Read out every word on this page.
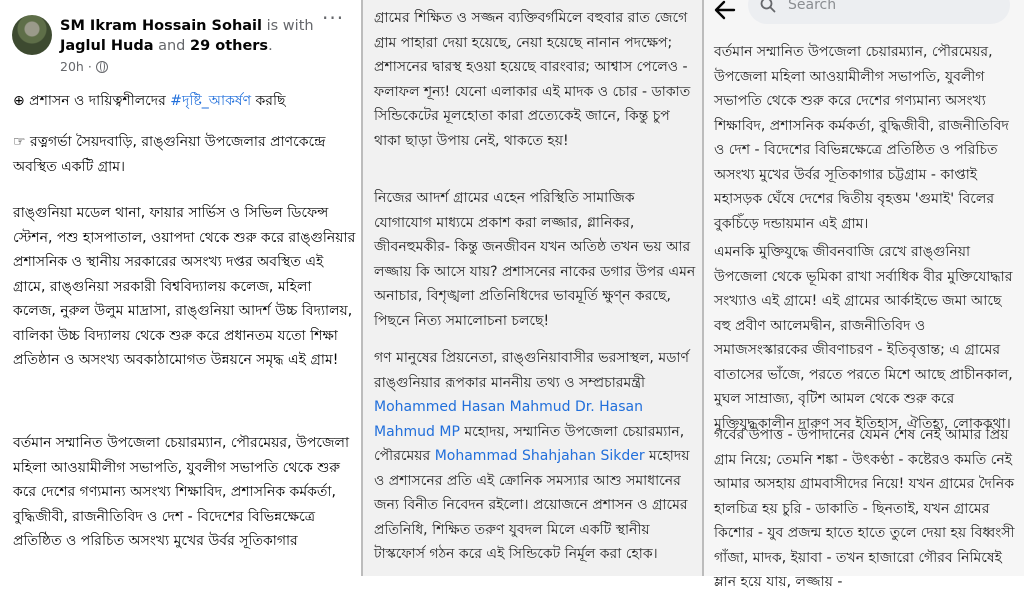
SM Ikram Hossain Sohail is with Jaglul Huda and 29 others.
20h ·
···
⊕ প্রশাসন ও দায়িত্বশীলদের #দৃষ্টি_আকর্ষণ করছি
☞ রত্নগর্ভা সৈয়দবাড়ি, রাঙ্গুনিয়া উপজেলার প্রাণকেন্দ্রে অবস্থিত একটি গ্রাম।
রাঙ্গুনিয়া মডেল থানা, ফায়ার সার্ভিস ও সিভিল ডিফেন্স স্টেশন, পশু হাসপাতাল, ওয়াপদা থেকে শুরু করে রাঙ্গুনিয়ার প্রশাসনিক ও স্থানীয় সরকারের অসংখ্য দপ্তর অবস্থিত এই গ্রামে, রাঙ্গুনিয়া সরকারী বিশ্ববিদ্যালয় কলেজ, মহিলা কলেজ, নুরুল উলুম মাদ্রাসা, রাঙ্গুনিয়া আদর্শ উচ্চ বিদ্যালয়, বালিকা উচ্চ বিদ্যালয় থেকে শুরু করে প্রধানতম যতো শিক্ষা প্রতিষ্ঠান ও অসংখ্য অবকাঠামোগত উন্নয়নে সমৃদ্ধ এই গ্রাম!
বর্তমান সম্মানিত উপজেলা চেয়ারম্যান, পৌরমেয়র, উপজেলা মহিলা আওয়ামীলীগ সভাপতি, যুবলীগ সভাপতি থেকে শুরু করে দেশের গণ্যমান্য অসংখ্য শিক্ষাবিদ, প্রশাসনিক কর্মকর্তা, বুদ্ধিজীবী, রাজনীতিবিদ ও দেশ - বিদেশের বিভিন্নক্ষেত্রে প্রতিষ্ঠিত ও পরিচিত অসংখ্য মুখের উর্বর সূতিকাগার
গ্রামের শিক্ষিত ও সজ্জন ব্যক্তিবর্গমিলে বহুবার রাত জেগে গ্রাম পাহারা দেয়া হয়েছে, নেয়া হয়েছে নানান পদক্ষেপ; প্রশাসনের দ্বারস্থ হওয়া হয়েছে বারংবার; আশ্বাস পেলেও - ফলাফল শূন্য! যেনো এলাকার এই মাদক ও চোর - ডাকাত সিন্ডিকেটের মূলহোতা কারা প্রত্যেকেই জানে, কিন্তু চুপ থাকা ছাড়া উপায় নেই, থাকতে হয়!
নিজের আদর্শ গ্রামের এহেন পরিস্থিতি সামাজিক যোগাযোগ মাধ্যমে প্রকাশ করা লজ্জার, গ্লানিকর, জীবনহুমকীর- কিন্তু জনজীবন যখন অতিষ্ঠ তখন ভয় আর লজ্জায় কি আসে যায়? প্রশাসনের নাকের ডগার উপর এমন অনাচার, বিশৃঙ্খলা প্রতিনিধিদের ভাবমূর্তি ক্ষুণ্ন করছে, পিছনে নিত্য সমালোচনা চলছে!
গণ মানুষের প্রিয়নেতা, রাঙ্গুনিয়াবাসীর ভরসাস্থল, মডার্ণ রাঙ্গুনিয়ার রূপকার মাননীয় তথ্য ও সম্প্রচারমন্ত্রী Mohammed Hasan Mahmud Dr. Hasan Mahmud MP মহোদয়, সম্মানিত উপজেলা চেয়ারম্যান, পৌরমেয়র Mohammad Shahjahan Sikder মহোদয় ও প্রশাসনের প্রতি এই ক্রোনিক সমস্যার আশু সমাধানের জন্য বিনীত নিবেদন রইলো। প্রয়োজনে প্রশাসন ও গ্রামের প্রতিনিধি, শিক্ষিত তরুণ যুবদল মিলে একটি স্থানীয় টাস্কফোর্স গঠন করে এই সিন্ডিকেট নির্মূল করা হোক।
Search
বর্তমান সম্মানিত উপজেলা চেয়ারম্যান, পৌরমেয়র, উপজেলা মহিলা আওয়ামীলীগ সভাপতি, যুবলীগ সভাপতি থেকে শুরু করে দেশের গণ্যমান্য অসংখ্য শিক্ষাবিদ, প্রশাসনিক কর্মকর্তা, বুদ্ধিজীবী, রাজনীতিবিদ ও দেশ - বিদেশের বিভিন্নক্ষেত্রে প্রতিষ্ঠিত ও পরিচিত অসংখ্য মুখের উর্বর সূতিকাগার চট্টগ্রাম - কাপ্তাই মহাসড়ক ঘেঁষে দেশের দ্বিতীয় বৃহত্তম 'গুমাই' বিলের বুকচিঁড়ে দন্ডায়মান এই গ্রাম।
এমনকি মুক্তিযুদ্ধে জীবনবাজি রেখে রাঙ্গুনিয়া উপজেলা থেকে ভূমিকা রাখা সর্বাধিক বীর মুক্তিযোদ্ধার সংখ্যাও এই গ্রামে! এই গ্রামের আর্কাইভে জমা আছে বহু প্রবীণ আলেমদ্বীন, রাজনীতিবিদ ও সমাজসংস্কারকের জীবণাচরণ - ইতিবৃত্তান্ত; এ গ্রামের বাতাসের ভাঁজে, পরতে পরতে মিশে আছে প্রাচীনকাল, মুঘল সাম্রাজ্য, বৃটিশ আমল থেকে শুরু করে মুক্তিযুদ্ধকালীন দারুণ সব ইতিহাস, ঐতিহ্য, লোককথা।
গর্বের উপাত্ত - উপাদানের যেমন শেষ নেই আমার প্রিয় গ্রাম নিয়ে; তেমনি শঙ্কা - উৎকণ্ঠা - কষ্টেরও কমতি নেই আমার অসহায় গ্রামবাসীদের নিয়ে! যখন গ্রামের দৈনিক হালচিত্র হয় চুরি - ডাকাতি - ছিনতাই, যখন গ্রামের কিশোর - যুব প্রজন্ম হাতে হাতে তুলে দেয়া হয় বিধ্বংসী গাঁজা, মাদক, ইয়াবা - তখন হাজারো গৌরব নিমিষেই ম্লান হয়ে যায়, লজ্জায় -
